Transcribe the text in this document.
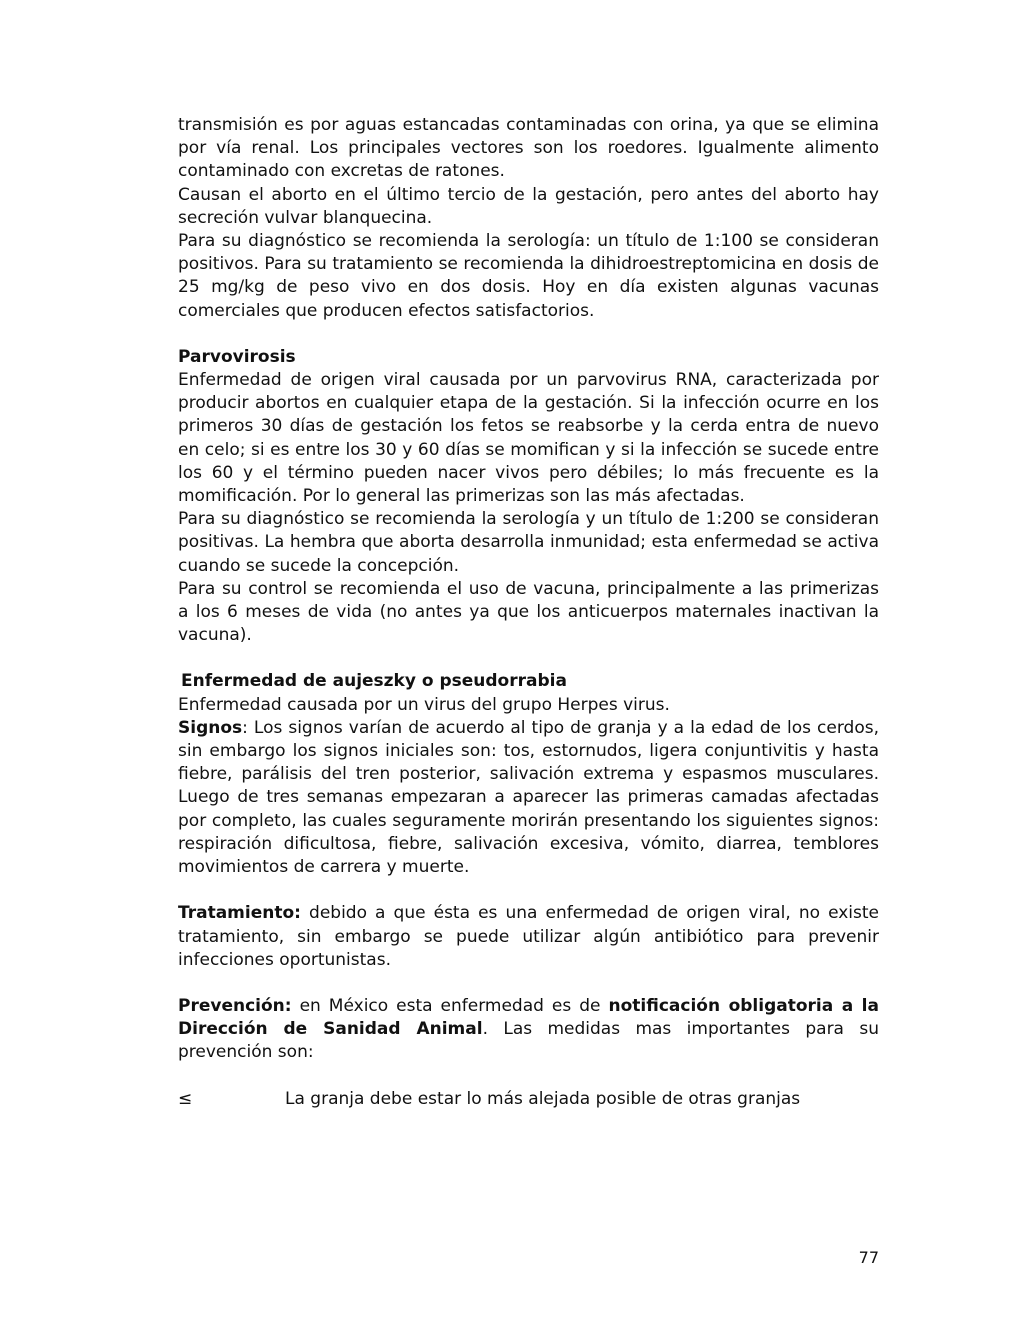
transmisión es por aguas estancadas contaminadas con orina, ya que se elimina por vía renal. Los principales vectores son los roedores. Igualmente alimento contaminado con excretas de ratones.

Causan el aborto en el último tercio de la gestación, pero antes del aborto hay secreción vulvar blanquecina.

Para su diagnóstico se recomienda la serología: un título de 1:100 se consideran positivos. Para su tratamiento se recomienda la dihidroestreptomicina en dosis de 25 mg/kg de peso vivo en dos dosis. Hoy en día existen algunas vacunas comerciales que producen efectos satisfactorios.

Parvovirosis

Enfermedad de origen viral causada por un parvovirus RNA, caracterizada por producir abortos en cualquier etapa de la gestación. Si la infección ocurre en los primeros 30 días de gestación los fetos se reabsorbe y la cerda entra de nuevo en celo; si es entre los 30 y 60 días se momifican y si la infección se sucede entre los 60 y el término pueden nacer vivos pero débiles; lo más frecuente es la momificación. Por lo general las primerizas son las más afectadas.

Para su diagnóstico se recomienda la serología y un título de 1:200 se consideran positivas. La hembra que aborta desarrolla inmunidad; esta enfermedad se activa cuando se sucede la concepción.

Para su control se recomienda el uso de vacuna, principalmente a las primerizas a los 6 meses de vida (no antes ya que los anticuerpos maternales inactivan la vacuna).

Enfermedad de aujeszky o pseudorrabia

Enfermedad causada por un virus del grupo Herpes virus.

Signos: Los signos varían de acuerdo al tipo de granja y a la edad de los cerdos, sin embargo los signos iniciales son: tos, estornudos, ligera conjuntivitis y hasta fiebre, parálisis del tren posterior, salivación extrema y espasmos musculares. Luego de tres semanas empezaran a aparecer las primeras camadas afectadas por completo, las cuales seguramente morirán presentando los siguientes signos: respiración dificultosa, fiebre, salivación excesiva, vómito, diarrea, temblores movimientos de carrera y muerte.

Tratamiento: debido a que ésta es una enfermedad de origen viral, no existe tratamiento, sin embargo se puede utilizar algún antibiótico para prevenir infecciones oportunistas.

Prevención: en México esta enfermedad es de notificación obligatoria a la Dirección de Sanidad Animal. Las medidas mas importantes para su prevención son:

≤	La granja debe estar lo más alejada posible de otras granjas
77
